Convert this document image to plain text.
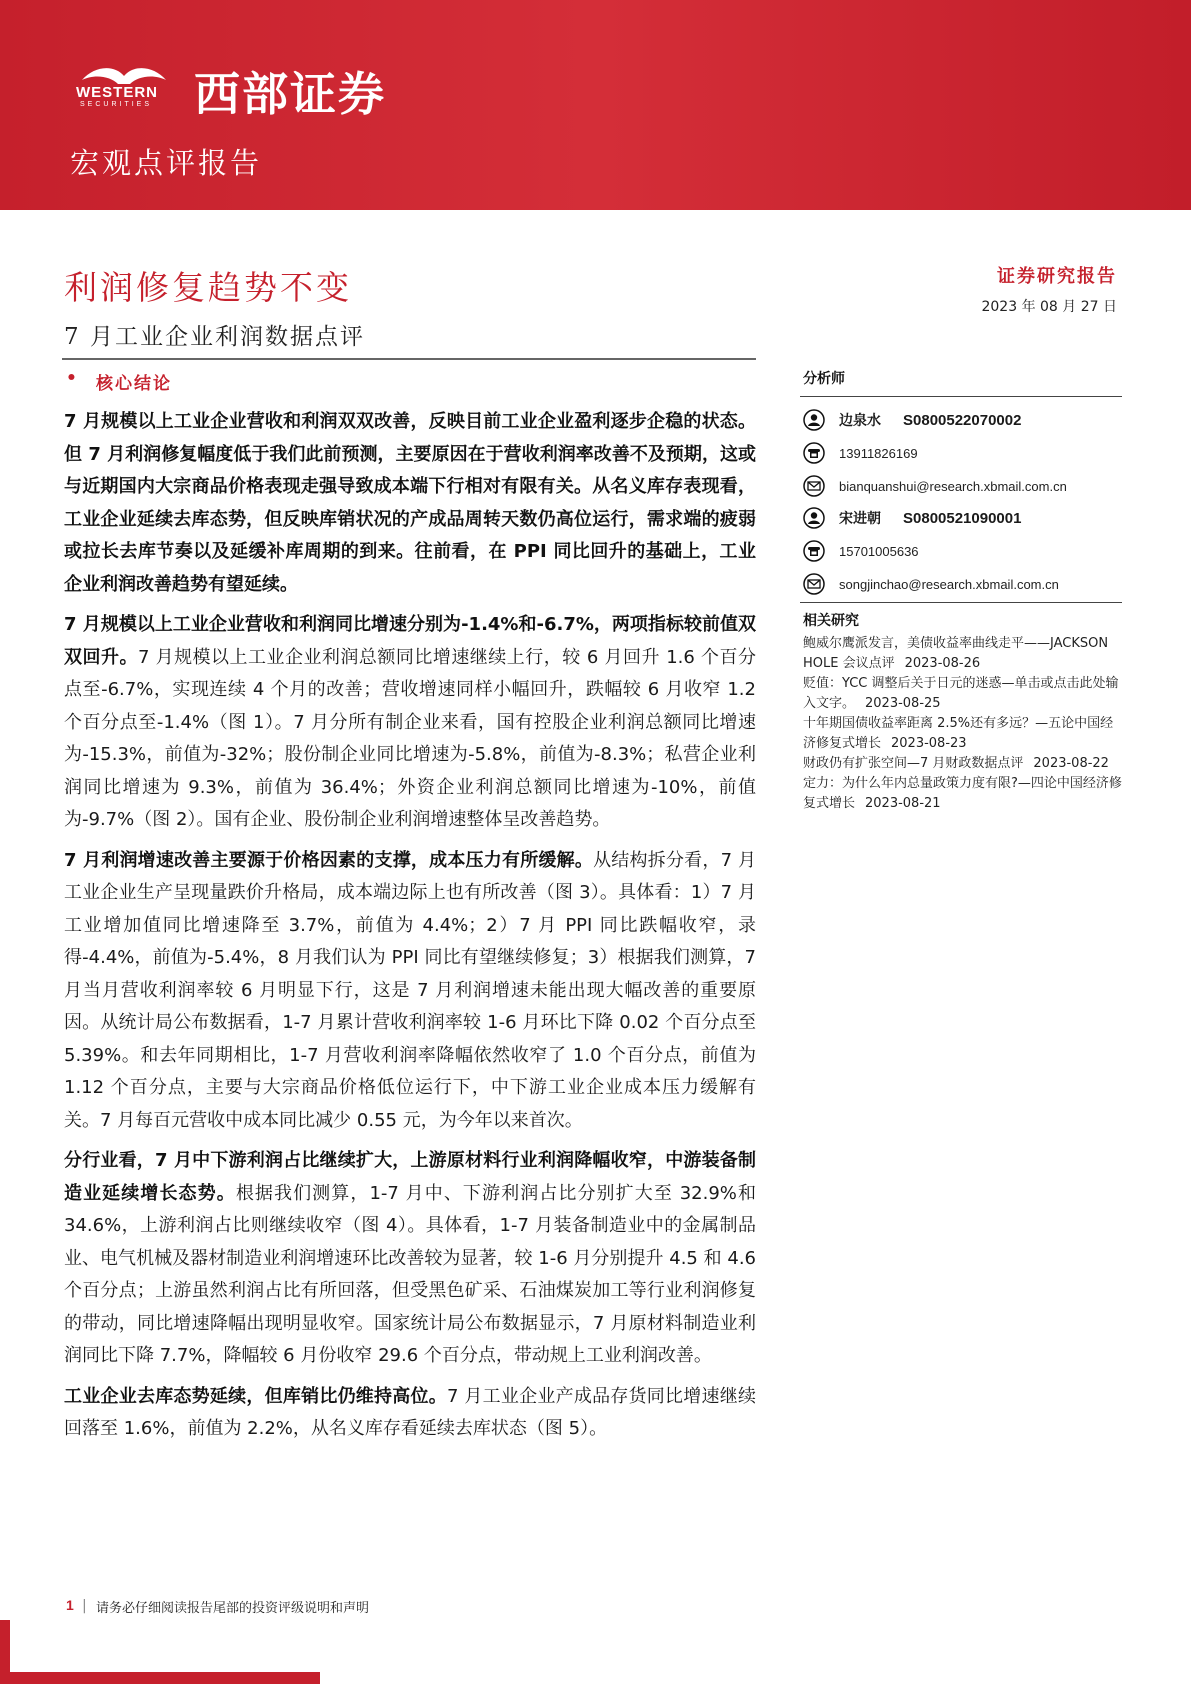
WESTERN
SECURITIES 西部证券
宏观点评报告
利润修复趋势不变
7 月工业企业利润数据点评
• 核心结论

7 月规模以上工业企业营收和利润双双改善，反映目前工业企业盈利逐步企稳的状态。但 7 月利润修复幅度低于我们此前预测，主要原因在于营收利润率改善不及预期，这或与近期国内大宗商品价格表现走强导致成本端下行相对有限有关。从名义库存表现看，工业企业延续去库态势，但反映库销状况的产成品周转天数仍高位运行，需求端的疲弱或拉长去库节奏以及延缓补库周期的到来。往前看，在 PPI 同比回升的基础上，工业企业利润改善趋势有望延续。

7 月规模以上工业企业营收和利润同比增速分别为-1.4%和-6.7%，两项指标较前值双双回升。7 月规模以上工业企业利润总额同比增速继续上行，较 6 月回升 1.6 个百分点至-6.7%，实现连续 4 个月的改善；营收增速同样小幅回升，跌幅较 6 月收窄 1.2 个百分点至-1.4%（图 1）。7 月分所有制企业来看，国有控股企业利润总额同比增速为-15.3%，前值为-32%；股份制企业同比增速为-5.8%，前值为-8.3%；私营企业利润同比增速为 9.3%，前值为 36.4%；外资企业利润总额同比增速为-10%，前值为-9.7%（图 2）。国有企业、股份制企业利润增速整体呈改善趋势。

7 月利润增速改善主要源于价格因素的支撑，成本压力有所缓解。从结构拆分看，7 月工业企业生产呈现量跌价升格局，成本端边际上也有所改善（图 3）。具体看：1）7 月工业增加值同比增速降至 3.7%，前值为 4.4%；2）7 月 PPI 同比跌幅收窄，录得-4.4%，前值为-5.4%，8 月我们认为 PPI 同比有望继续修复；3）根据我们测算，7 月当月营收利润率较 6 月明显下行，这是 7 月利润增速未能出现大幅改善的重要原因。从统计局公布数据看，1-7 月累计营收利润率较 1-6 月环比下降 0.02 个百分点至 5.39%。和去年同期相比，1-7 月营收利润率降幅依然收窄了 1.0 个百分点，前值为 1.12 个百分点，主要与大宗商品价格低位运行下，中下游工业企业成本压力缓解有关。7 月每百元营收中成本同比减少 0.55 元，为今年以来首次。

分行业看，7 月中下游利润占比继续扩大，上游原材料行业利润降幅收窄，中游装备制造业延续增长态势。根据我们测算，1-7 月中、下游利润占比分别扩大至 32.9%和 34.6%，上游利润占比则继续收窄（图 4）。具体看，1-7 月装备制造业中的金属制品业、电气机械及器材制造业利润增速环比改善较为显著，较 1-6 月分别提升 4.5 和 4.6 个百分点；上游虽然利润占比有所回落，但受黑色矿采、石油煤炭加工等行业利润修复的带动，同比增速降幅出现明显收窄。国家统计局公布数据显示，7 月原材料制造业利润同比下降 7.7%，降幅较 6 月份收窄 29.6 个百分点，带动规上工业利润改善。

工业企业去库态势延续，但库销比仍维持高位。7 月工业企业产成品存货同比增速继续回落至 1.6%，前值为 2.2%，从名义库存看延续去库状态（图 5）。

证券研究报告
2023 年 08 月 27 日
分析师
边泉水 S0800522070002
13911826169
bianquanshui@research.xbmail.com.cn
宋进朝 S0800521090001
15701005636
songjinchao@research.xbmail.com.cn
相关研究

鲍威尔鹰派发言，美债收益率曲线走平——JACKSON HOLE 会议点评 2023-08-26

贬值：YCC 调整后关于日元的迷惑—单击或点击此处输入文字。 2023-08-25

十年期国债收益率距离 2.5%还有多远？—五论中国经济修复式增长 2023-08-23

财政仍有扩张空间—7 月财政数据点评 2023-08-22

定力：为什么年内总量政策力度有限?—四论中国经济修复式增长 2023-08-21

1 | 请务必仔细阅读报告尾部的投资评级说明和声明
